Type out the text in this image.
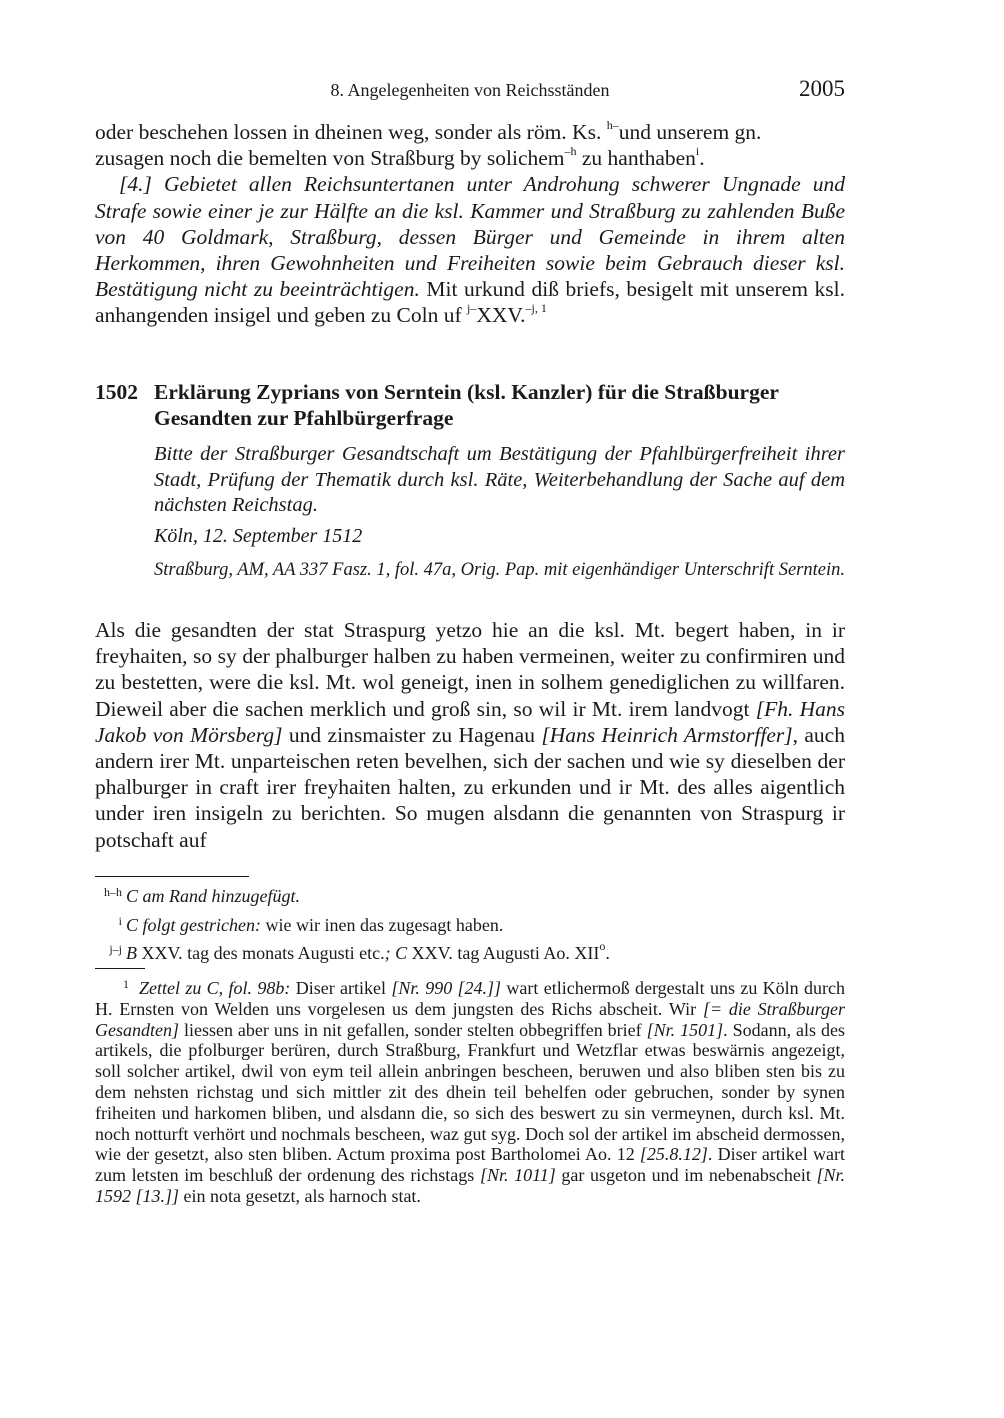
8. Angelegenheiten von Reichsständen	2005

oder beschehen lossen in dheinen weg, sonder als röm. Ks. $^{h-}$und unserem gn.

zusagen noch die bemelten von Straßburg by solichem$^{-h}$ zu hanthaben$^i$.

[4.] Gebietet allen Reichsuntertanen unter Androhung schwerer Ungnade und Strafe sowie einer je zur Hälfte an die ksl. Kammer und Straßburg zu zahlenden Buße von 40 Goldmark, Straßburg, dessen Bürger und Gemeinde in ihrem alten Herkommen, ihren Gewohnheiten und Freiheiten sowie beim Gebrauch dieser ksl. Bestätigung nicht zu beeinträchtigen. Mit urkund diß briefs, besigelt mit unserem ksl. anhangenden insigel und geben zu Coln uf $^{j-}$XXV.$^{-j, 1}$

1502 Erklärung Zyprians von Serntein (ksl. Kanzler) für die Straßburger Gesandten zur Pfahlbürgerfrage
Bitte der Straßburger Gesandtschaft um Bestätigung der Pfahlbürgerfreiheit ihrer Stadt, Prüfung der Thematik durch ksl. Räte, Weiterbehandlung der Sache auf dem nächsten Reichstag.
Köln, 12. September 1512
Straßburg, AM, AA 337 Fasz. 1, fol. 47a, Orig. Pap. mit eigenhändiger Unterschrift Serntein.

Als die gesandten der stat Straspurg yetzo hie an die ksl. Mt. begert haben, in ir freyhaiten, so sy der phalburger halben zu haben vermeinen, weiter zu confirmiren und zu bestetten, were die ksl. Mt. wol geneigt, inen in solhem genediglichen zu willfaren. Dieweil aber die sachen merklich und groß sin, so wil ir Mt. irem landvogt [Fh. Hans Jakob von Mörsberg] und zinsmaister zu Hagenau [Hans Heinrich Armstorffer], auch andern irer Mt. unparteischen reten bevelhen, sich der sachen und wie sy dieselben der phalburger in craft irer freyhaiten halten, zu erkunden und ir Mt. des alles aigentlich under iren insigeln zu berichten. So mugen alsdann die genannten von Straspurg ir potschaft auf

h–h C am Rand hinzugefügt.
i C folgt gestrichen: wie wir inen das zugesagt haben.
j–j B XXV. tag des monats Augusti etc.; C XXV. tag Augusti Ao. XII$^o$.
$^1$ Zettel zu C, fol. 98b: Diser artikel [Nr. 990 [24.]] wart etlichermoß dergestalt uns zu Köln durch H. Ernsten von Welden uns vorgelesen us dem jungsten des Richs abscheit. Wir [= die Straßburger Gesandten] liessen aber uns in nit gefallen, sonder stelten obbegriffen brief [Nr. 1501]. Sodann, als des artikels, die pfolburger berüren, durch Straßburg, Frankfurt und Wetzflar etwas beswärnis angezeigt, soll solcher artikel, dwil von eym teil allein anbringen bescheen, beruwen und also bliben sten bis zu dem nehsten richstag und sich mittler zit des dhein teil behelfen oder gebruchen, sonder by synen friheiten und harkomen bliben, und alsdann die, so sich des beswert zu sin vermeynen, durch ksl. Mt. noch notturft verhört und nochmals bescheen, waz gut syg. Doch sol der artikel im abscheid dermossen, wie der gesetzt, also sten bliben. Actum proxima post Bartholomei Ao. 12 [25.8.12]. Diser artikel wart zum letsten im beschluß der ordenung des richstags [Nr. 1011] gar usgeton und im nebenabscheit [Nr. 1592 [13.]] ein nota gesetzt, als harnoch stat.
